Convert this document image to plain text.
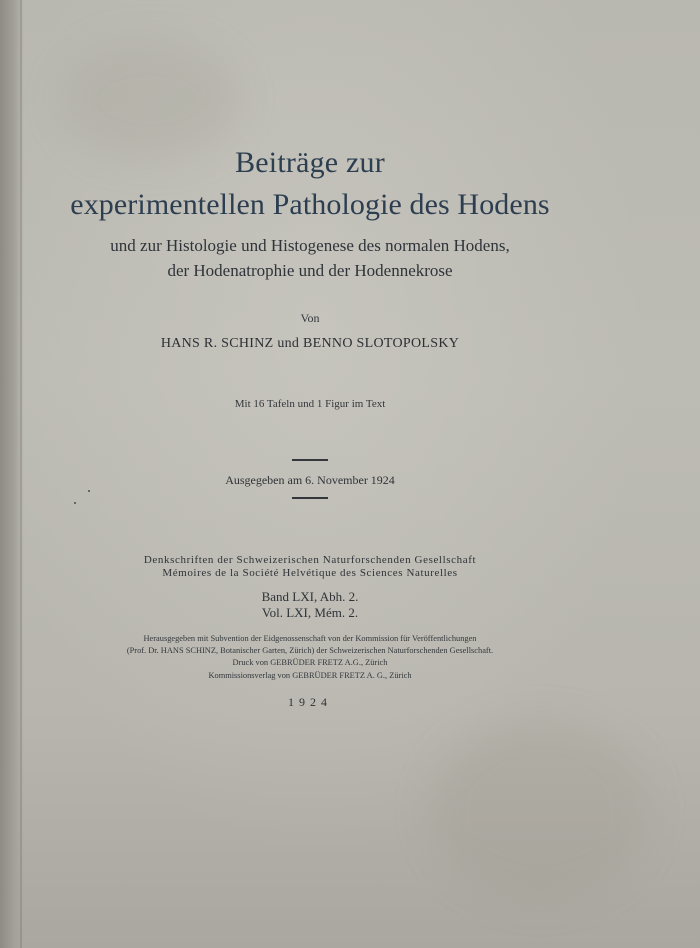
Beiträge zur
experimentellen Pathologie des Hodens
und zur Histologie und Histogenese des normalen Hodens,
der Hodenatrophie und der Hodennekrose
Von
HANS R. SCHINZ und BENNO SLOTOPOLSKY
Mit 16 Tafeln und 1 Figur im Text
Ausgegeben am 6. November 1924
Denkschriften der Schweizerischen Naturforschenden Gesellschaft
Mémoires de la Société Helvétique des Sciences Naturelles
Band LXI, Abh. 2.
Vol. LXI, Mém. 2.
Herausgegeben mit Subvention der Eidgenossenschaft von der Kommission für Veröffentlichungen
(Prof. Dr. HANS SCHINZ, Botanischer Garten, Zürich) der Schweizerischen Naturforschenden Gesellschaft.
Druck von GEBRÜDER FRETZ A.G., Zürich
Kommissionsverlag von GEBRÜDER FRETZ A. G., Zürich
1924
